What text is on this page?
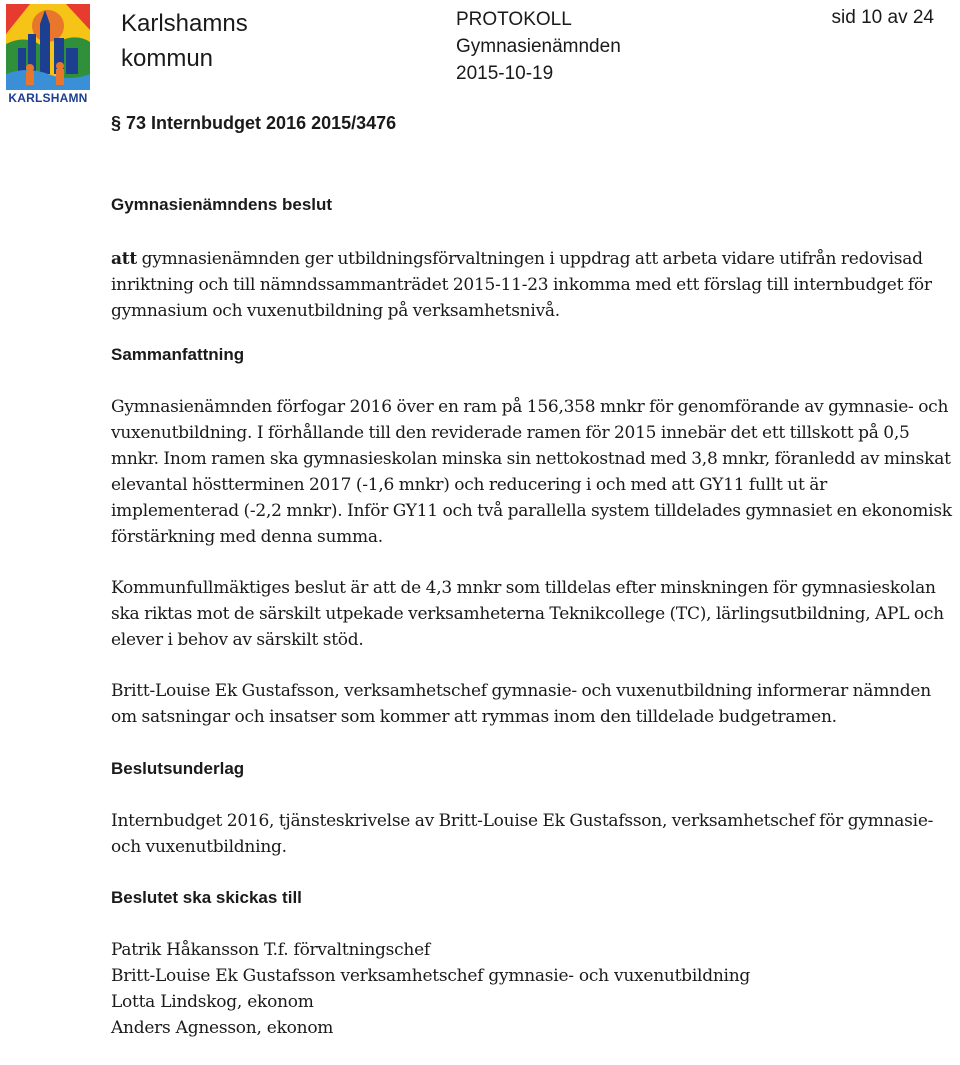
KARLSHAMN
Karlshamns kommun
PROTOKOLL
Gymnasienämnden
2015-10-19
sid 10 av 24
§ 73 Internbudget 2016 2015/3476
Gymnasienämndens beslut

att gymnasienämnden ger utbildningsförvaltningen i uppdrag att arbeta vidare utifrån redovisad inriktning och till nämndssammanträdet 2015-11-23 inkomma med ett förslag till internbudget för gymnasium och vuxenutbildning på verksamhetsnivå.

Sammanfattning

Gymnasienämnden förfogar 2016 över en ram på 156,358 mnkr för genomförande av gymnasie- och vuxenutbildning. I förhållande till den reviderade ramen för 2015 innebär det ett tillskott på 0,5 mnkr. Inom ramen ska gymnasieskolan minska sin nettokostnad med 3,8 mnkr, föranledd av minskat elevantal höstterminen 2017 (-1,6 mnkr) och reducering i och med att GY11 fullt ut är implementerad (-2,2 mnkr). Inför GY11 och två parallella system tilldelades gymnasiet en ekonomisk förstärkning med denna summa.

Kommunfullmäktiges beslut är att de 4,3 mnkr som tilldelas efter minskningen för gymnasieskolan ska riktas mot de särskilt utpekade verksamheterna Teknikcollege (TC), lärlingsutbildning, APL och elever i behov av särskilt stöd.

Britt-Louise Ek Gustafsson, verksamhetschef gymnasie- och vuxenutbildning informerar nämnden om satsningar och insatser som kommer att rymmas inom den tilldelade budgetramen.

Beslutsunderlag

Internbudget 2016, tjänsteskrivelse av Britt-Louise Ek Gustafsson, verksamhetschef för gymnasie- och vuxenutbildning.

Beslutet ska skickas till
Patrik Håkansson T.f. förvaltningschef
Britt-Louise Ek Gustafsson verksamhetschef gymnasie- och vuxenutbildning
Lotta Lindskog, ekonom
Anders Agnesson, ekonom
